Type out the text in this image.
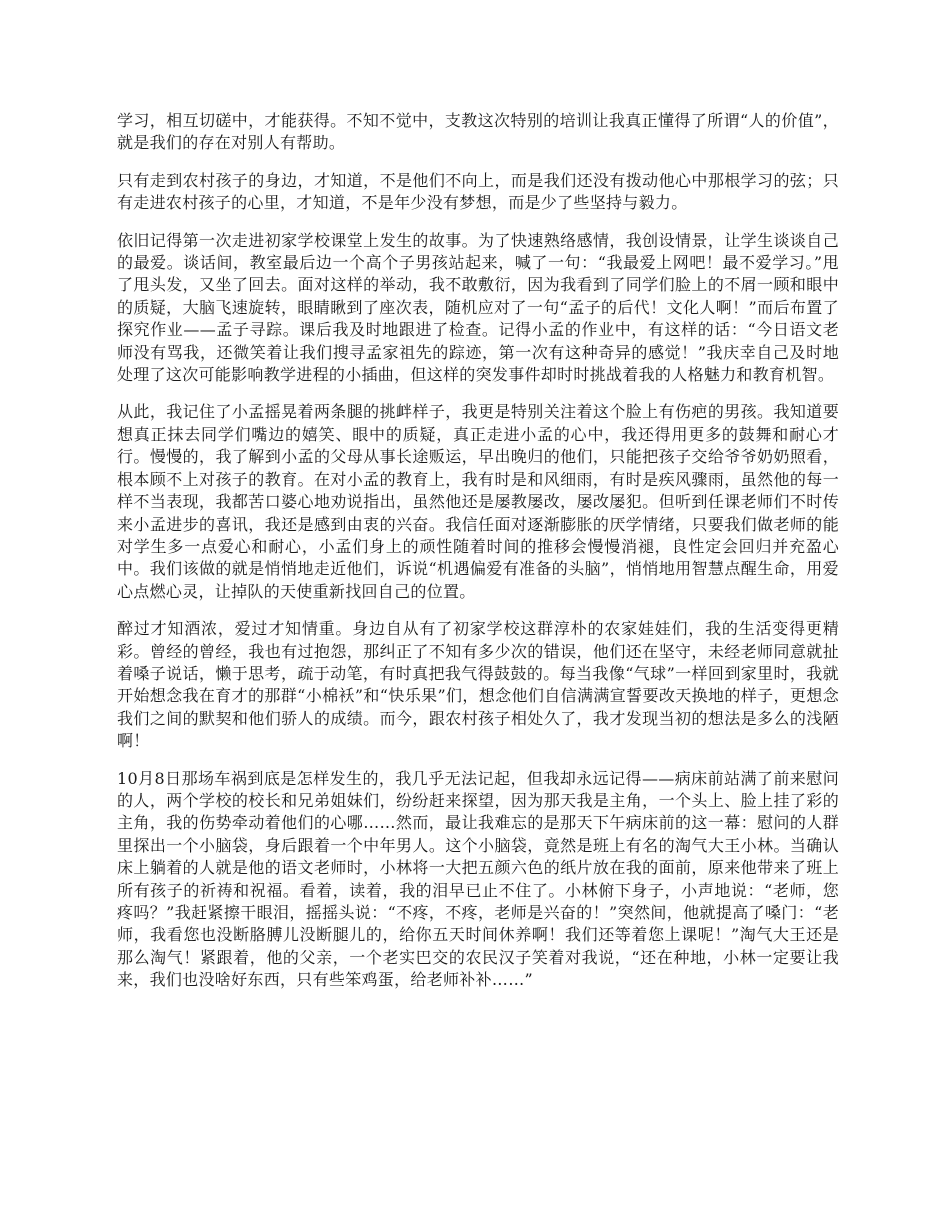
学习，相互切磋中，才能获得。不知不觉中，支教这次特别的培训让我真正懂得了所谓“人的价值”，就是我们的存在对别人有帮助。

只有走到农村孩子的身边，才知道，不是他们不向上，而是我们还没有拨动他心中那根学习的弦；只有走进农村孩子的心里，才知道，不是年少没有梦想，而是少了些坚持与毅力。

依旧记得第一次走进初家学校课堂上发生的故事。为了快速熟络感情，我创设情景，让学生谈谈自己的最爱。谈话间，教室最后边一个高个子男孩站起来，喊了一句：“我最爱上网吧！最不爱学习。”甩了甩头发，又坐了回去。面对这样的举动，我不敢敷衍，因为我看到了同学们脸上的不屑一顾和眼中的质疑，大脑飞速旋转，眼睛瞅到了座次表，随机应对了一句“孟子的后代！文化人啊！”而后布置了探究作业——孟子寻踪。课后我及时地跟进了检查。记得小孟的作业中，有这样的话：“今日语文老师没有骂我，还微笑着让我们搜寻孟家祖先的踪迹，第一次有这种奇异的感觉！”我庆幸自己及时地处理了这次可能影响教学进程的小插曲，但这样的突发事件却时时挑战着我的人格魅力和教育机智。

从此，我记住了小孟摇晃着两条腿的挑衅样子，我更是特别关注着这个脸上有伤疤的男孩。我知道要想真正抹去同学们嘴边的嬉笑、眼中的质疑，真正走进小孟的心中，我还得用更多的鼓舞和耐心才行。慢慢的，我了解到小孟的父母从事长途贩运，早出晚归的他们，只能把孩子交给爷爷奶奶照看，根本顾不上对孩子的教育。在对小孟的教育上，我有时是和风细雨，有时是疾风骤雨，虽然他的每一样不当表现，我都苦口婆心地劝说指出，虽然他还是屡教屡改，屡改屡犯。但听到任课老师们不时传来小孟进步的喜讯，我还是感到由衷的兴奋。我信任面对逐渐膨胀的厌学情绪，只要我们做老师的能对学生多一点爱心和耐心，小孟们身上的顽性随着时间的推移会慢慢消褪，良性定会回归并充盈心中。我们该做的就是悄悄地走近他们，诉说“机遇偏爱有准备的头脑”，悄悄地用智慧点醒生命，用爱心点燃心灵，让掉队的天使重新找回自己的位置。

醉过才知酒浓，爱过才知情重。身边自从有了初家学校这群淳朴的农家娃娃们，我的生活变得更精彩。曾经的曾经，我也有过抱怨，那纠正了不知有多少次的错误，他们还在坚守，未经老师同意就扯着嗓子说话，懒于思考，疏于动笔，有时真把我气得鼓鼓的。每当我像“气球”一样回到家里时，我就开始想念我在育才的那群“小棉袄”和“快乐果”们，想念他们自信满满宣誓要改天换地的样子，更想念我们之间的默契和他们骄人的成绩。而今，跟农村孩子相处久了，我才发现当初的想法是多么的浅陋啊！

10月8日那场车祸到底是怎样发生的，我几乎无法记起，但我却永远记得——病床前站满了前来慰问的人，两个学校的校长和兄弟姐妹们，纷纷赶来探望，因为那天我是主角，一个头上、脸上挂了彩的主角，我的伤势牵动着他们的心哪……然而，最让我难忘的是那天下午病床前的这一幕：慰问的人群里探出一个小脑袋，身后跟着一个中年男人。这个小脑袋，竟然是班上有名的淘气大王小林。当确认床上躺着的人就是他的语文老师时，小林将一大把五颜六色的纸片放在我的面前，原来他带来了班上所有孩子的祈祷和祝福。看着，读着，我的泪早已止不住了。小林俯下身子，小声地说：“老师，您疼吗？”我赶紧擦干眼泪，摇摇头说：“不疼，不疼，老师是兴奋的！”突然间，他就提高了嗓门：“老师，我看您也没断胳膊儿没断腿儿的，给你五天时间休养啊！我们还等着您上课呢！”淘气大王还是那么淘气！紧跟着，他的父亲，一个老实巴交的农民汉子笑着对我说，“还在种地，小林一定要让我来，我们也没啥好东西，只有些笨鸡蛋，给老师补补……”
